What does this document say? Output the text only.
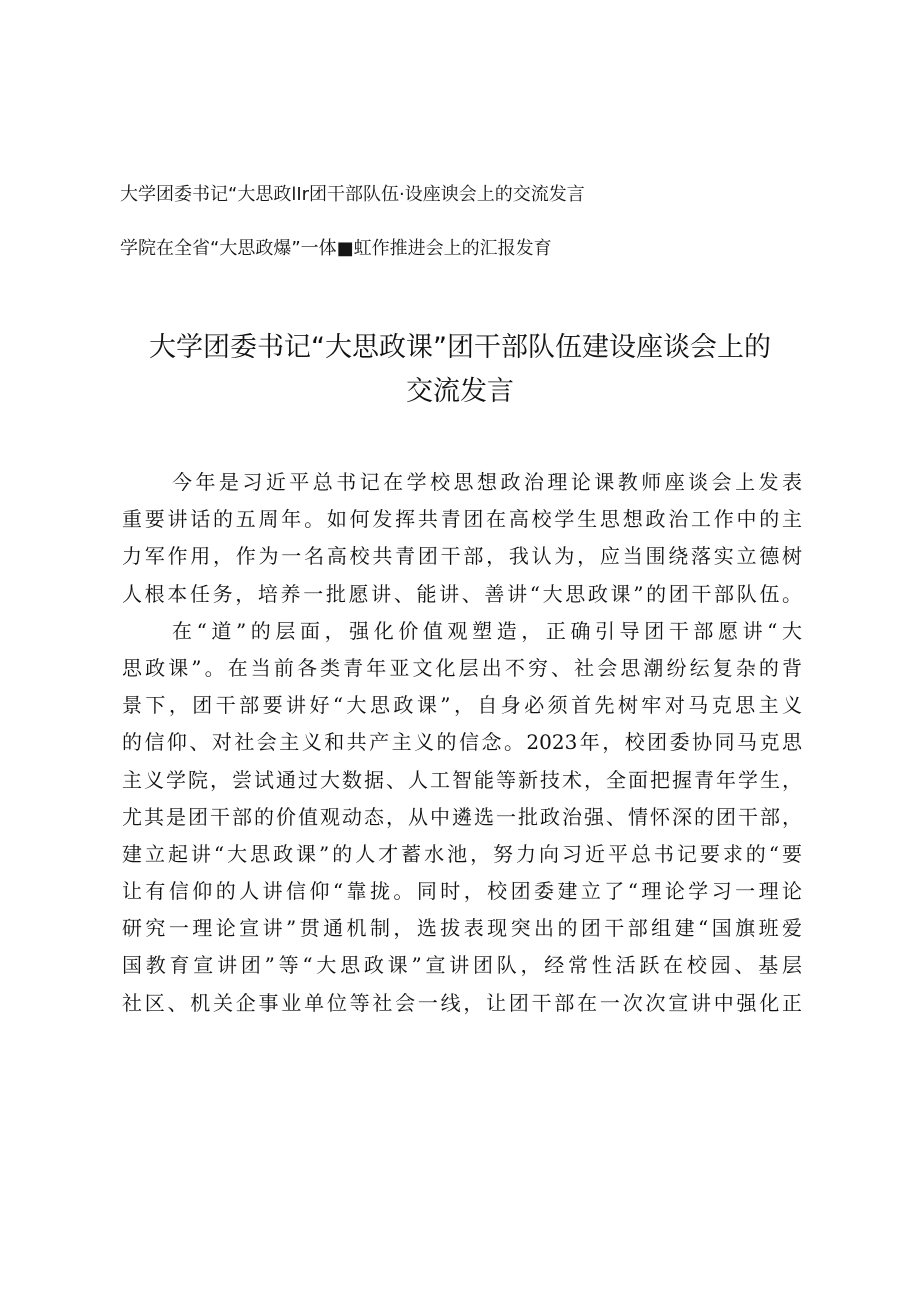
大学团委书记“大思政lIr团干部队伍·设座谀会上的交流发言
学院在全省“大思政爆”一体■虹作推进会上的汇报发育
大学团委书记“大思政课”团干部队伍建设座谈会上的
交流发言
今年是习近平总书记在学校思想政治理论课教师座谈会上发表
重要讲话的五周年。如何发挥共青团在高校学生思想政治工作中的主
力军作用，作为一名高校共青团干部，我认为，应当围绕落实立德树
人根本任务，培养一批愿讲、能讲、善讲“大思政课”的团干部队伍。
在“道”的层面，强化价值观塑造，正确引导团干部愿讲“大
思政课”。在当前各类青年亚文化层出不穷、社会思潮纷纭复杂的背
景下，团干部要讲好“大思政课”，自身必须首先树牢对马克思主义
的信仰、对社会主义和共产主义的信念。2023年，校团委协同马克思
主义学院，尝试通过大数据、人工智能等新技术，全面把握青年学生，
尤其是团干部的价值观动态，从中遴选一批政治强、情怀深的团干部，
建立起讲“大思政课”的人才蓄水池，努力向习近平总书记要求的“要
让有信仰的人讲信仰“靠拢。同时，校团委建立了“理论学习一理论
研究一理论宣讲”贯通机制，选拔表现突出的团干部组建“国旗班爱
国教育宣讲团”等“大思政课”宣讲团队，经常性活跃在校园、基层
社区、机关企事业单位等社会一线，让团干部在一次次宣讲中强化正
